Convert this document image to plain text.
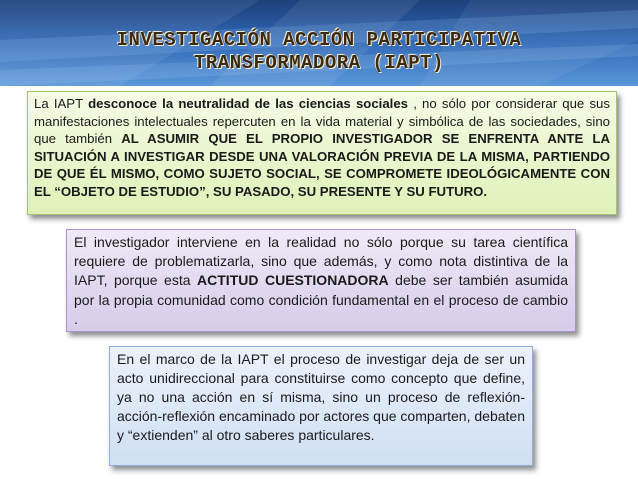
INVESTIGACIÓN ACCIÓN PARTICIPATIVA
TRANSFORMADORA (IAPT)
La IAPT desconoce la neutralidad de las ciencias sociales , no sólo por considerar que sus manifestaciones intelectuales repercuten en la vida material y simbólica de las sociedades, sino que también AL ASUMIR QUE EL PROPIO INVESTIGADOR SE ENFRENTA ANTE LA SITUACIÓN A INVESTIGAR DESDE UNA VALORACIÓN PREVIA DE LA MISMA, PARTIENDO DE QUE ÉL MISMO, COMO SUJETO SOCIAL, SE COMPROMETE IDEOLÓGICAMENTE CON EL “OBJETO DE ESTUDIO”, SU PASADO, SU PRESENTE Y SU FUTURO.
El investigador interviene en la realidad no sólo porque su tarea científica requiere de problematizarla, sino que además, y como nota distintiva de la IAPT, porque esta ACTITUD CUESTIONADORA debe ser también asumida por la propia comunidad como condición fundamental en el proceso de cambio .
En el marco de la IAPT el proceso de investigar deja de ser un acto unidireccional para constituirse como concepto que define, ya no una acción en sí misma, sino un proceso de reflexión-acción-reflexión encaminado por actores que comparten, debaten y “extienden” al otro saberes particulares.
